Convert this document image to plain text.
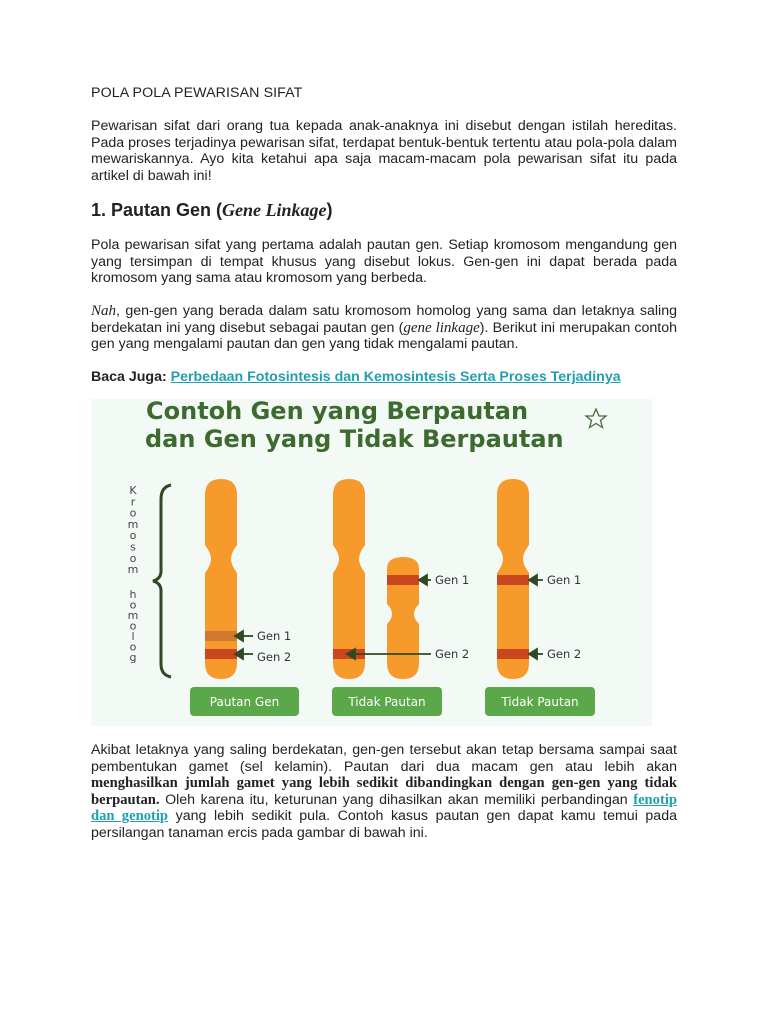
POLA POLA PEWARISAN SIFAT

Pewarisan sifat dari orang tua kepada anak-anaknya ini disebut dengan istilah hereditas. Pada proses terjadinya pewarisan sifat, terdapat bentuk-bentuk tertentu atau pola-pola dalam mewariskannya. Ayo kita ketahui apa saja macam-macam pola pewarisan sifat itu pada artikel di bawah ini!

1. Pautan Gen (Gene Linkage)

Pola pewarisan sifat yang pertama adalah pautan gen. Setiap kromosom mengandung gen yang tersimpan di tempat khusus yang disebut lokus. Gen-gen ini dapat berada pada kromosom yang sama atau kromosom yang berbeda.

Nah, gen-gen yang berada dalam satu kromosom homolog yang sama dan letaknya saling berdekatan ini yang disebut sebagai pautan gen (gene linkage). Berikut ini merupakan contoh gen yang mengalami pautan dan gen yang tidak mengalami pautan.

Baca Juga: Perbedaan Fotosintesis dan Kemosintesis Serta Proses Terjadinya
Contoh Gen yang Berpautan
dan Gen yang Tidak Berpautan
K r o m o s o m
h o m o l o g
Gen 1
Gen 2
Gen 1
Gen 2
Gen 1
Gen 2
Pautan Gen	Tidak Pautan	Tidak Pautan

Akibat letaknya yang saling berdekatan, gen-gen tersebut akan tetap bersama sampai saat pembentukan gamet (sel kelamin). Pautan dari dua macam gen atau lebih akan menghasilkan jumlah gamet yang lebih sedikit dibandingkan dengan gen-gen yang tidak berpautan. Oleh karena itu, keturunan yang dihasilkan akan memiliki perbandingan fenotip dan genotip yang lebih sedikit pula. Contoh kasus pautan gen dapat kamu temui pada persilangan tanaman ercis pada gambar di bawah ini.
